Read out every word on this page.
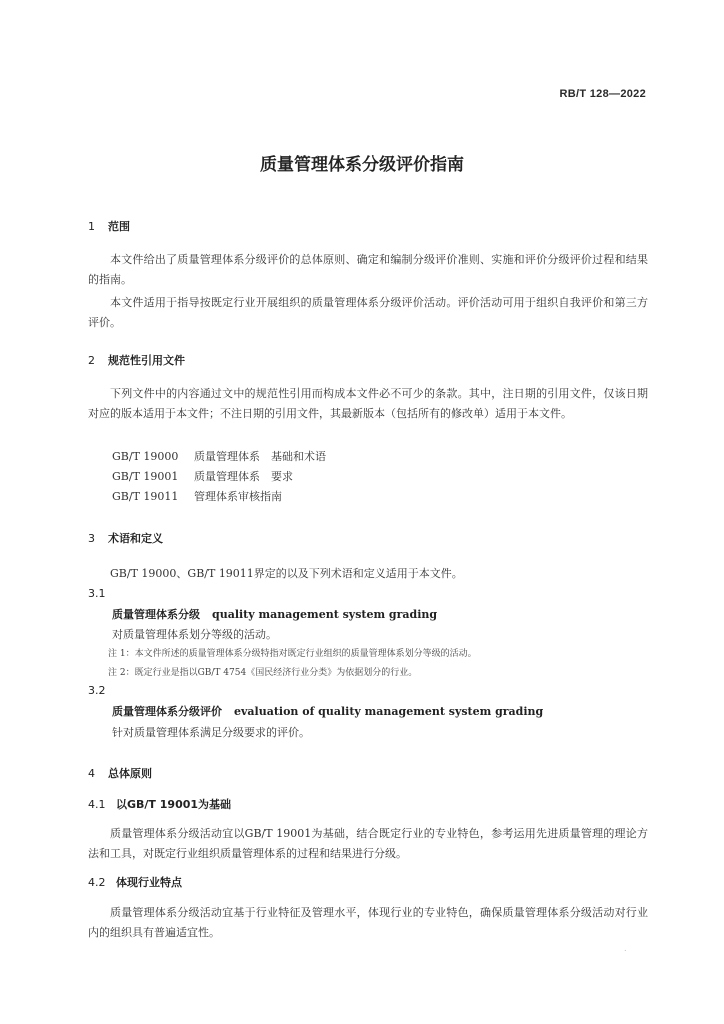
RB/T 128—2022
质量管理体系分级评价指南
1 范围
本文件给出了质量管理体系分级评价的总体原则、确定和编制分级评价准则、实施和评价分级评价过程和结果的指南。
本文件适用于指导按既定行业开展组织的质量管理体系分级评价活动。评价活动可用于组织自我评价和第三方评价。
2 规范性引用文件
下列文件中的内容通过文中的规范性引用而构成本文件必不可少的条款。其中，注日期的引用文件，仅该日期对应的版本适用于本文件；不注日期的引用文件，其最新版本（包括所有的修改单）适用于本文件。
GB/T 19000 质量管理体系　基础和术语
GB/T 19001 质量管理体系　要求
GB/T 19011 管理体系审核指南
3 术语和定义
GB/T 19000、GB/T 19011界定的以及下列术语和定义适用于本文件。
3.1
质量管理体系分级 quality management system grading
对质量管理体系划分等级的活动。
注 1：本文件所述的质量管理体系分级特指对既定行业组织的质量管理体系划分等级的活动。
注 2：既定行业是指以GB/T 4754《国民经济行业分类》为依据划分的行业。
3.2
质量管理体系分级评价 evaluation of quality management system grading
针对质量管理体系满足分级要求的评价。
4 总体原则
4.1 以GB/T 19001为基础
质量管理体系分级活动宜以GB/T 19001为基础，结合既定行业的专业特色，参考运用先进质量管理的理论方法和工具，对既定行业组织质量管理体系的过程和结果进行分级。
4.2 体现行业特点
质量管理体系分级活动宜基于行业特征及管理水平，体现行业的专业特色，确保质量管理体系分级活动对行业内的组织具有普遍适宜性。
.
